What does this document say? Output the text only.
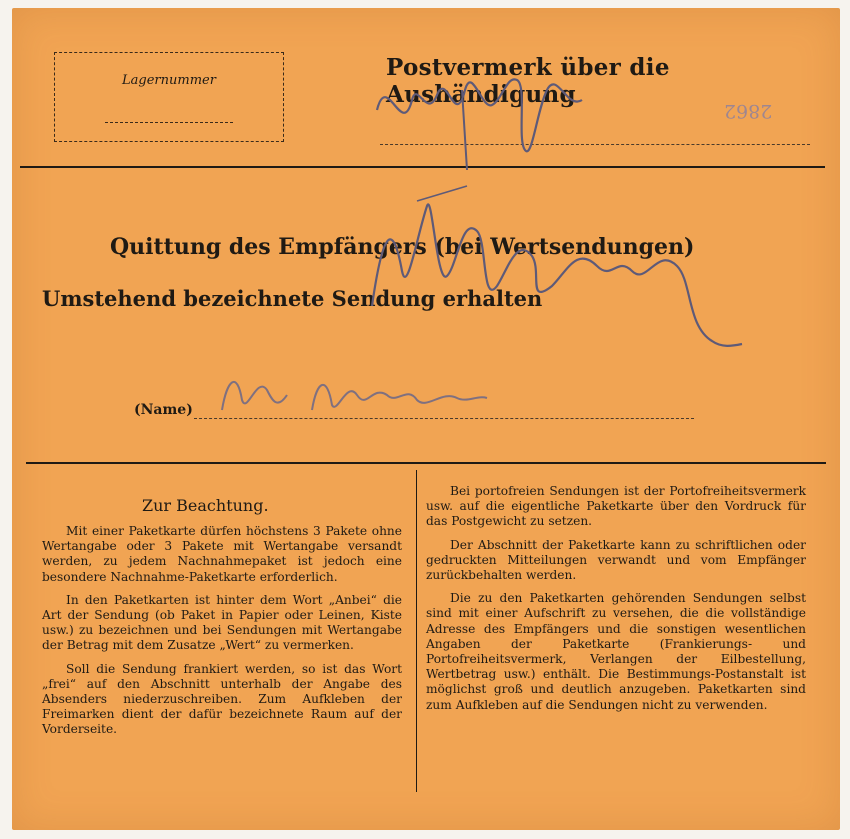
Lagernummer	Postvermerk über die Aushändigung
2862
Quittung des Empfängers (bei Wertsendungen)
Umstehend bezeichnete Sendung erhalten
(Name)
Zur Beachtung.

Mit einer Paketkarte dürfen höchstens 3 Pakete ohne Wertangabe oder 3 Pakete mit Wertangabe versandt werden, zu jedem Nachnahmepaket ist jedoch eine besondere Nachnahme-Paketkarte erforderlich.

In den Paketkarten ist hinter dem Wort „Anbei“ die Art der Sendung (ob Paket in Papier oder Leinen, Kiste usw.) zu bezeichnen und bei Sendungen mit Wertangabe der Betrag mit dem Zusatze „Wert“ zu vermerken.

Soll die Sendung frankiert werden, so ist das Wort „frei“ auf den Abschnitt unterhalb der Angabe des Absenders niederzuschreiben. Zum Aufkleben der Freimarken dient der dafür bezeichnete Raum auf der Vorderseite.

Bei portofreien Sendungen ist der Portofreiheitsvermerk usw. auf die eigentliche Paketkarte über den Vordruck für das Postgewicht zu setzen.

Der Abschnitt der Paketkarte kann zu schriftlichen oder gedruckten Mitteilungen verwandt und vom Empfänger zurückbehalten werden.

Die zu den Paketkarten gehörenden Sendungen selbst sind mit einer Aufschrift zu versehen, die die vollständige Adresse des Empfängers und die sonstigen wesentlichen Angaben der Paketkarte (Frankierungs- und Portofreiheitsvermerk, Verlangen der Eilbestellung, Wertbetrag usw.) enthält. Die Bestimmungs-Postanstalt ist möglichst groß und deutlich anzugeben. Paketkarten sind zum Aufkleben auf die Sendungen nicht zu verwenden.
